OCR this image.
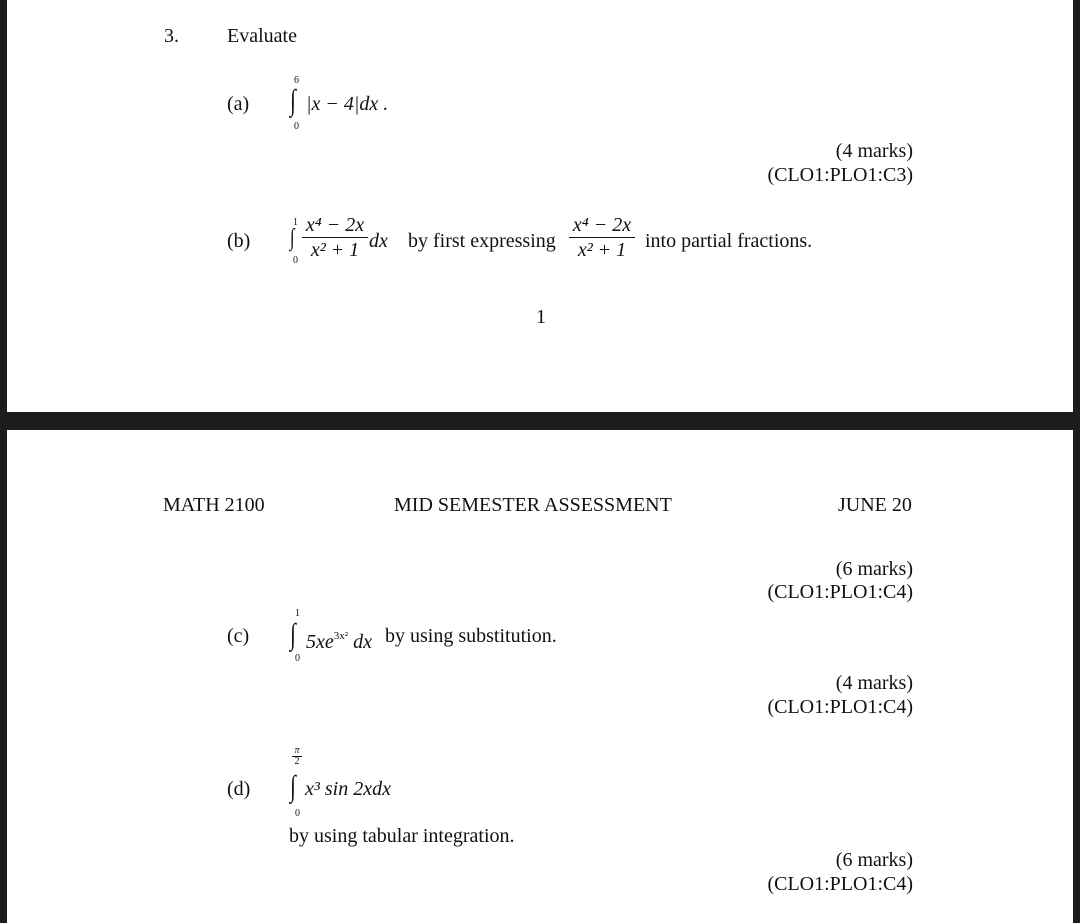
3. Evaluate
(a)
6
∫
0
|x − 4|dx .
(4 marks)
(CLO1:PLO1:C3)
(b)
1
∫
0
x⁴ − 2x
x² + 1 dx by first expressing
x⁴ − 2x
x² + 1 into partial fractions.
1
MATH 2100	MID SEMESTER ASSESSMENT	JUNE 20
(6 marks)
(CLO1:PLO1:C4)
(c)
1
∫
0
$5xe^{3x^2}$ dx by using substitution.
(4 marks)
(CLO1:PLO1:C4)
(d)
π
2
∫
0
x³ sin 2xdx
by using tabular integration.
(6 marks)
(CLO1:PLO1:C4)
